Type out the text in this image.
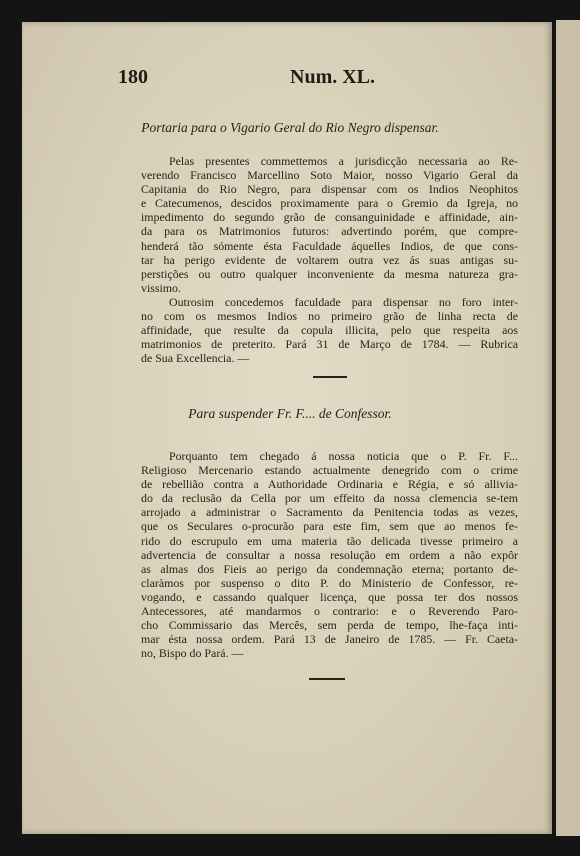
180	Num. XL.
Portaria para o Vigario Geral do Rio Negro dispensar.

Pelas presentes commettemos a jurisdicção necessaria ao Re-
verendo Francisco Marcellino Soto Maior, nosso Vigario Geral da
Capitania do Rio Negro, para dispensar com os Indios Neophitos
e Catecumenos, descidos proximamente para o Gremio da Igreja, no
impedimento do segundo grão de consanguinidade e affinidade, ain-
da para os Matrimonios futuros: advertindo porém, que compre-
henderá tão sómente ésta Faculdade áquelles Indios, de que cons-
tar ha perigo evidente de voltarem outra vez ás suas antigas su-
perstições ou outro qualquer inconveniente da mesma natureza gra-
vissimo.

Outrosim concedemos faculdade para dispensar no foro inter-
no com os mesmos Indios no primeiro grão de linha recta de
affinidade, que resulte da copula illicita, pelo que respeita aos
matrimonios de preterito. Pará 31 de Março de 1784. — Rubrica
de Sua Excellencia. —

Para suspender Fr. F.... de Confessor.

Porquanto tem chegado á nossa noticia que o P. Fr. F...
Religioso Mercenario estando actualmente denegrido com o crime
de rebellião contra a Authoridade Ordinaria e Régia, e só allivia-
do da reclusão da Cella por um effeito da nossa clemencia se-tem
arrojado a administrar o Sacramento da Penitencia todas as vezes,
que os Seculares o-procurão para este fim, sem que ao menos fe-
rido do escrupulo em uma materia tão delicada tivesse primeiro a
advertencia de consultar a nossa resolução em ordem a não expôr
as almas dos Fieis ao perigo da condemnação eterna; portanto de-
claràmos por suspenso o dito P. do Ministerio de Confessor, re-
vogando, e cassando qualquer licença, que possa ter dos nossos
Antecessores, até mandarmos o contrario: e o Reverendo Paro-
cho Commissario das Mercês, sem perda de tempo, lhe-faça inti-
mar ésta nossa ordem. Pará 13 de Janeiro de 1785. — Fr. Caeta-
no, Bispo do Pará. —
